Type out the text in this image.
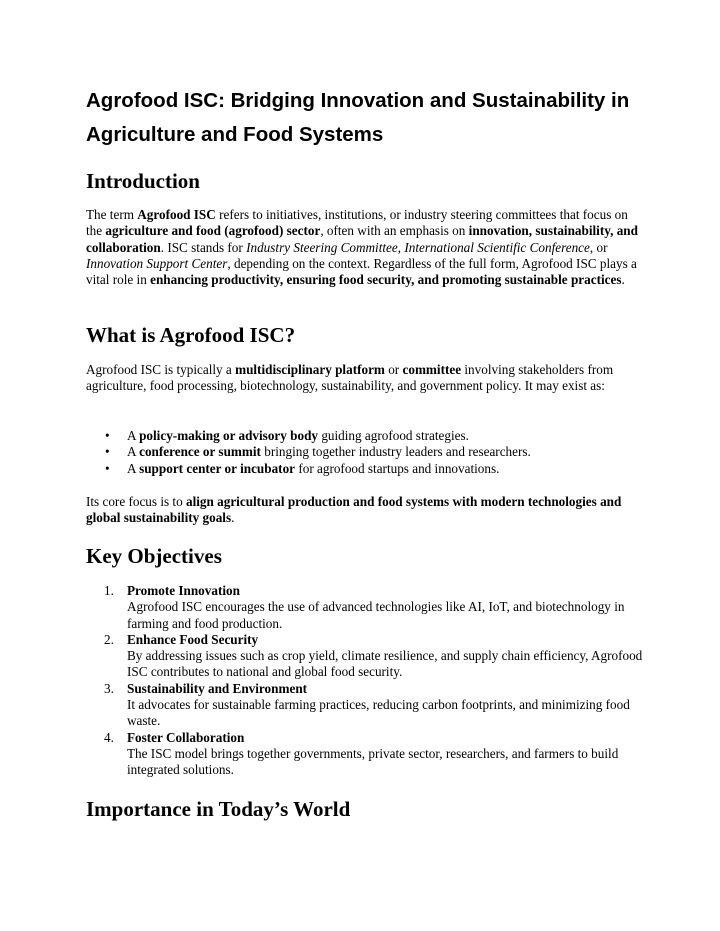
Agrofood ISC: Bridging Innovation and Sustainability in Agriculture and Food Systems
Introduction

The term Agrofood ISC refers to initiatives, institutions, or industry steering committees that focus on the agriculture and food (agrofood) sector, often with an emphasis on innovation, sustainability, and collaboration. ISC stands for Industry Steering Committee, International Scientific Conference, or Innovation Support Center, depending on the context. Regardless of the full form, Agrofood ISC plays a vital role in enhancing productivity, ensuring food security, and promoting sustainable practices.

What is Agrofood ISC?

Agrofood ISC is typically a multidisciplinary platform or committee involving stakeholders from agriculture, food processing, biotechnology, sustainability, and government policy. It may exist as:

• A policy-making or advisory body guiding agrofood strategies.
• A conference or summit bringing together industry leaders and researchers.
• A support center or incubator for agrofood startups and innovations.

Its core focus is to align agricultural production and food systems with modern technologies and global sustainability goals.

Key Objectives
1. Promote Innovation
Agrofood ISC encourages the use of advanced technologies like AI, IoT, and biotechnology in farming and food production.
2. Enhance Food Security
By addressing issues such as crop yield, climate resilience, and supply chain efficiency, Agrofood ISC contributes to national and global food security.
3. Sustainability and Environment
It advocates for sustainable farming practices, reducing carbon footprints, and minimizing food waste.
4. Foster Collaboration
The ISC model brings together governments, private sector, researchers, and farmers to build integrated solutions.
Importance in Today’s World
